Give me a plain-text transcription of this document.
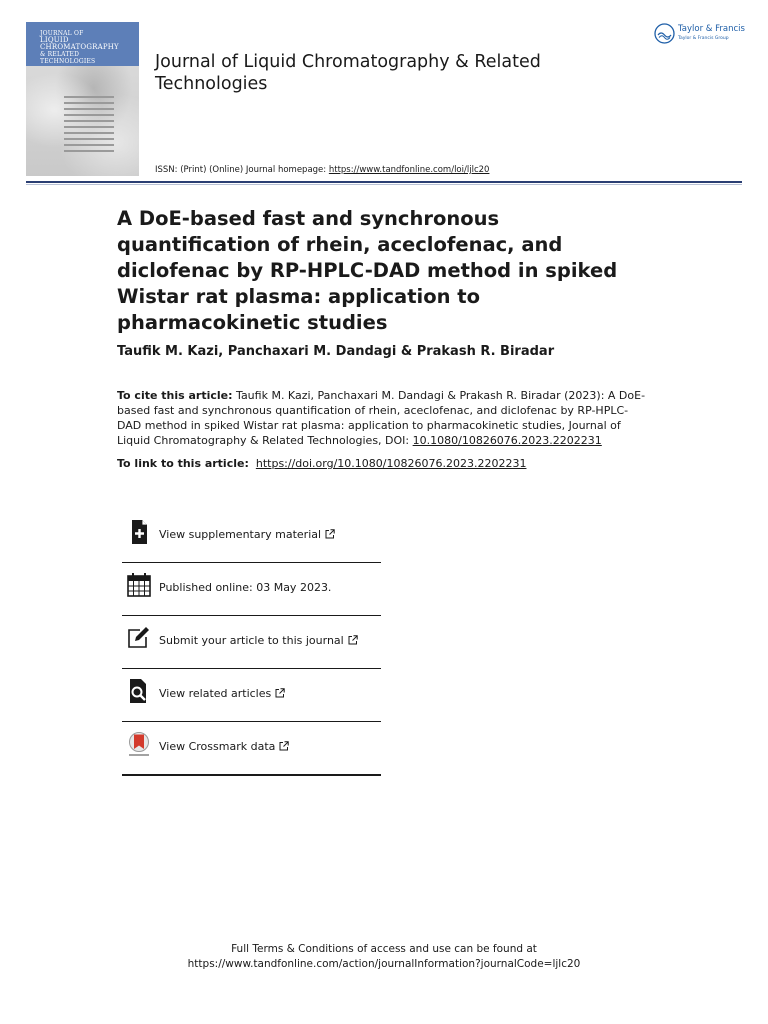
JOURNAL OF
LIQUID
CHROMATOGRAPHY
& RELATED TECHNOLOGIES	Journal of Liquid Chromatography & Related Technologies
Taylor & Francis
Taylor & Francis Group
ISSN: (Print) (Online) Journal homepage: https://www.tandfonline.com/loi/ljlc20
A DoE-based fast and synchronous quantification of rhein, aceclofenac, and diclofenac by RP-HPLC-DAD method in spiked Wistar rat plasma: application to pharmacokinetic studies
Taufik M. Kazi, Panchaxari M. Dandagi & Prakash R. Biradar
To cite this article: Taufik M. Kazi, Panchaxari M. Dandagi & Prakash R. Biradar (2023): A DoE-based fast and synchronous quantification of rhein, aceclofenac, and diclofenac by RP-HPLC-DAD method in spiked Wistar rat plasma: application to pharmacokinetic studies, Journal of Liquid Chromatography & Related Technologies, DOI: 10.1080/10826076.2023.2202231
To link to this article: https://doi.org/10.1080/10826076.2023.2202231
View supplementary material
Published online: 03 May 2023.
Submit your article to this journal
View related articles
View Crossmark data
Full Terms & Conditions of access and use can be found at
https://www.tandfonline.com/action/journalInformation?journalCode=ljlc20
